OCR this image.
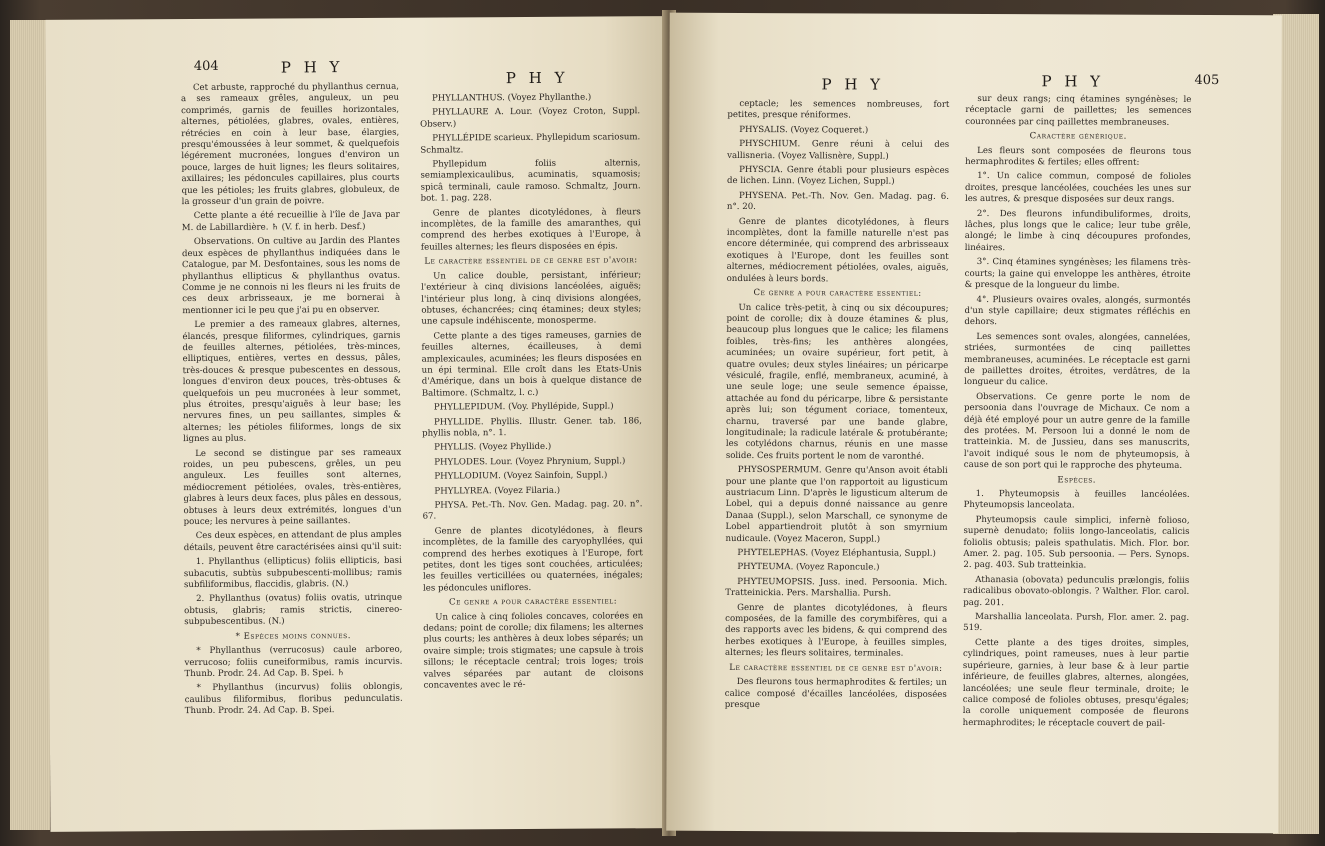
404	P H Y
P H Y

Cet arbuste, rapproché du phyllanthus cernua, a ses rameaux grêles, anguleux, un peu comprimés, garnis de feuilles horizontales, alternes, pétiolées, glabres, ovales, entières, rétrécies en coin à leur base, élargies, presqu'émoussées à leur sommet, & quelquefois légérement mucronées, longues d'environ un pouce, larges de huit lignes; les fleurs solitaires, axillaires; les pédoncules capillaires, plus courts que les pétioles; les fruits glabres, globuleux, de la grosseur d'un grain de poivre.

Cette plante a été recueillie à l'île de Java par M. de Labillardière. ♄ (V. f. in herb. Desf.)

Observations. On cultive au Jardin des Plantes deux espèces de phyllanthus indiquées dans le Catalogue, par M. Desfontaines, sous les noms de phyllanthus ellipticus & phyllanthus ovatus. Comme je ne connois ni les fleurs ni les fruits de ces deux arbrisseaux, je me bornerai à mentionner ici le peu que j'ai pu en observer.

Le premier a des rameaux glabres, alternes, élancés, presque filiformes, cylindriques, garnis de feuilles alternes, pétiolées, très-minces, elliptiques, entières, vertes en dessus, pâles, très-douces & presque pubescentes en dessous, longues d'environ deux pouces, très-obtuses & quelquefois un peu mucronées à leur sommet, plus étroites, presqu'aiguës à leur base; les nervures fines, un peu saillantes, simples & alternes; les pétioles filiformes, longs de six lignes au plus.

Le second se distingue par ses rameaux roides, un peu pubescens, grêles, un peu anguleux. Les feuilles sont alternes, médiocrement pétiolées, ovales, très-entières, glabres à leurs deux faces, plus pâles en dessous, obtuses à leurs deux extrémités, longues d'un pouce; les nervures à peine saillantes.

Ces deux espèces, en attendant de plus amples détails, peuvent être caractérisées ainsi qu'il suit:

1. Phyllanthus (ellipticus) foliis ellipticis, basi subacutis, subtùs subpubescenti-mollibus; ramis subfiliformibus, flaccidis, glabris. (N.)

2. Phyllanthus (ovatus) foliis ovatis, utrinque obtusis, glabris; ramis strictis, cinereo-subpubescentibus. (N.)

* Espèces moins connues.

* Phyllanthus (verrucosus) caule arboreo, verrucoso; foliis cuneiformibus, ramis incurvis. Thunb. Prodr. 24. Ad Cap. B. Spei. ♄

* Phyllanthus (incurvus) foliis oblongis, caulibus filiformibus, floribus pedunculatis. Thunb. Prodr. 24. Ad Cap. B. Spei.

PHYLLANTHUS. (Voyez Phyllanthe.)

PHYLLAURE A. Lour. (Voyez Croton, Suppl. Observ.)

PHYLLÉPIDE scarieux. Phyllepidum scariosum. Schmaltz.

Phyllepidum foliis alternis, semiamplexicaulibus, acuminatis, squamosis; spicâ terminali, caule ramoso. Schmaltz, Journ. bot. 1. pag. 228.

Genre de plantes dicotylédones, à fleurs incomplètes, de la famille des amaranthes, qui comprend des herbes exotiques à l'Europe, à feuilles alternes; les fleurs disposées en épis.

Le caractère essentiel de ce genre est d'avoir:

Un calice double, persistant, inférieur; l'extérieur à cinq divisions lancéolées, aiguës; l'intérieur plus long, à cinq divisions alongées, obtuses, échancrées; cinq étamines; deux styles; une capsule indéhiscente, monosperme.

Cette plante a des tiges rameuses, garnies de feuilles alternes, écailleuses, à demi amplexicaules, acuminées; les fleurs disposées en un épi terminal. Elle croît dans les Etats-Unis d'Amérique, dans un bois à quelque distance de Baltimore. (Schmaltz, l. c.)

PHYLLEPIDUM. (Voy. Phyllépide, Suppl.)

PHYLLIDE. Phyllis. Illustr. Gener. tab. 186, phyllis nobla, n°. 1.

PHYLLIS. (Voyez Phyllide.)

PHYLODES. Lour. (Voyez Phrynium, Suppl.)

PHYLLODIUM. (Voyez Sainfoin, Suppl.)

PHYLLYREA. (Voyez Filaria.)

PHYSA. Pet.-Th. Nov. Gen. Madag. pag. 20. n°. 67.

Genre de plantes dicotylédones, à fleurs incomplètes, de la famille des caryophyllées, qui comprend des herbes exotiques à l'Europe, fort petites, dont les tiges sont couchées, articulées; les feuilles verticillées ou quaternées, inégales; les pédoncules uniflores.

Ce genre a pour caractère essentiel:

Un calice à cinq folioles concaves, colorées en dedans; point de corolle; dix filamens; les alternes plus courts; les anthères à deux lobes séparés; un ovaire simple; trois stigmates; une capsule à trois sillons; le réceptacle central; trois loges; trois valves séparées par autant de cloisons concaventes avec le ré-

P H Y	P H Y	405

ceptacle; les semences nombreuses, fort petites, presque réniformes.

PHYSALIS. (Voyez Coqueret.)

PHYSCHIUM. Genre réuni à celui des vallisneria. (Voyez Vallisnère, Suppl.)

PHYSCIA. Genre établi pour plusieurs espèces de lichen. Linn. (Voyez Lichen, Suppl.)

PHYSENA. Pet.-Th. Nov. Gen. Madag. pag. 6. n°. 20.

Genre de plantes dicotylédones, à fleurs incomplètes, dont la famille naturelle n'est pas encore déterminée, qui comprend des arbrisseaux exotiques à l'Europe, dont les feuilles sont alternes, médiocrement pétiolées, ovales, aiguës, ondulées à leurs bords.

Ce genre a pour caractère essentiel:

Un calice très-petit, à cinq ou six découpures; point de corolle; dix à douze étamines & plus, beaucoup plus longues que le calice; les filamens foibles, très-fins; les anthères alongées, acuminées; un ovaire supérieur, fort petit, à quatre ovules; deux styles linéaires; un péricarpe vésiculé, fragile, enflé, membraneux, acuminé, à une seule loge; une seule semence épaisse, attachée au fond du péricarpe, libre & persistante après lui; son tégument coriace, tomenteux, charnu, traversé par une bande glabre, longitudinale; la radicule latérale & protubérante; les cotylédons charnus, réunis en une masse solide. Ces fruits portent le nom de varonthé.

PHYSOSPERMUM. Genre qu'Anson avoit établi pour une plante que l'on rapportoit au ligusticum austriacum Linn. D'après le ligusticum alterum de Lobel, qui a depuis donné naissance au genre Danaa (Suppl.), selon Marschall, ce synonyme de Lobel appartiendroit plutôt à son smyrnium nudicaule. (Voyez Maceron, Suppl.)

PHYTELEPHAS. (Voyez Eléphantusia, Suppl.)

PHYTEUMA. (Voyez Raponcule.)

PHYTEUMOPSIS. Juss. ined. Persoonia. Mich. Tratteinickia. Pers. Marshallia. Pursh.

Genre de plantes dicotylédones, à fleurs composées, de la famille des corymbifères, qui a des rapports avec les bidens, & qui comprend des herbes exotiques à l'Europe, à feuilles simples, alternes; les fleurs solitaires, terminales.

Le caractère essentiel de ce genre est d'avoir:

Des fleurons tous hermaphrodites & fertiles; un calice composé d'écailles lancéolées, disposées presque

sur deux rangs; cinq étamines syngénèses; le réceptacle garni de paillettes; les semences couronnées par cinq paillettes membraneuses.

Caractère générique.

Les fleurs sont composées de fleurons tous hermaphrodites & fertiles; elles offrent:

1°. Un calice commun, composé de folioles droites, presque lancéolées, couchées les unes sur les autres, & presque disposées sur deux rangs.

2°. Des fleurons infundibuliformes, droits, lâches, plus longs que le calice; leur tube grêle, alongé; le limbe à cinq découpures profondes, linéaires.

3°. Cinq étamines syngénèses; les filamens très-courts; la gaine qui enveloppe les anthères, étroite & presque de la longueur du limbe.

4°. Plusieurs ovaires ovales, alongés, surmontés d'un style capillaire; deux stigmates réfléchis en dehors.

Les semences sont ovales, alongées, cannelées, striées, surmontées de cinq paillettes membraneuses, acuminées. Le réceptacle est garni de paillettes droites, étroites, verdâtres, de la longueur du calice.

Observations. Ce genre porte le nom de persoonia dans l'ouvrage de Michaux. Ce nom a déjà été employé pour un autre genre de la famille des protées. M. Persoon lui a donné le nom de tratteinkia. M. de Jussieu, dans ses manuscrits, l'avoit indiqué sous le nom de phyteumopsis, à cause de son port qui le rapproche des phyteuma.

Espèces.

1. Phyteumopsis à feuilles lancéolées. Phyteumopsis lanceolata.

Phyteumopsis caule simplici, infernè folioso, supernè denudato; foliis longo-lanceolatis, calicis foliolis obtusis; paleis spathulatis. Mich. Flor. bor. Amer. 2. pag. 105. Sub persoonia. — Pers. Synops. 2. pag. 403. Sub tratteinkia.

Athanasia (obovata) pedunculis prælongis, foliis radicalibus obovato-oblongis. ? Walther. Flor. carol. pag. 201.

Marshallia lanceolata. Pursh, Flor. amer. 2. pag. 519.

Cette plante a des tiges droites, simples, cylindriques, point rameuses, nues à leur partie supérieure, garnies, à leur base & à leur partie inférieure, de feuilles glabres, alternes, alongées, lancéolées; une seule fleur terminale, droite; le calice composé de folioles obtuses, presqu'égales; la corolle uniquement composée de fleurons hermaphrodites; le réceptacle couvert de pail-
